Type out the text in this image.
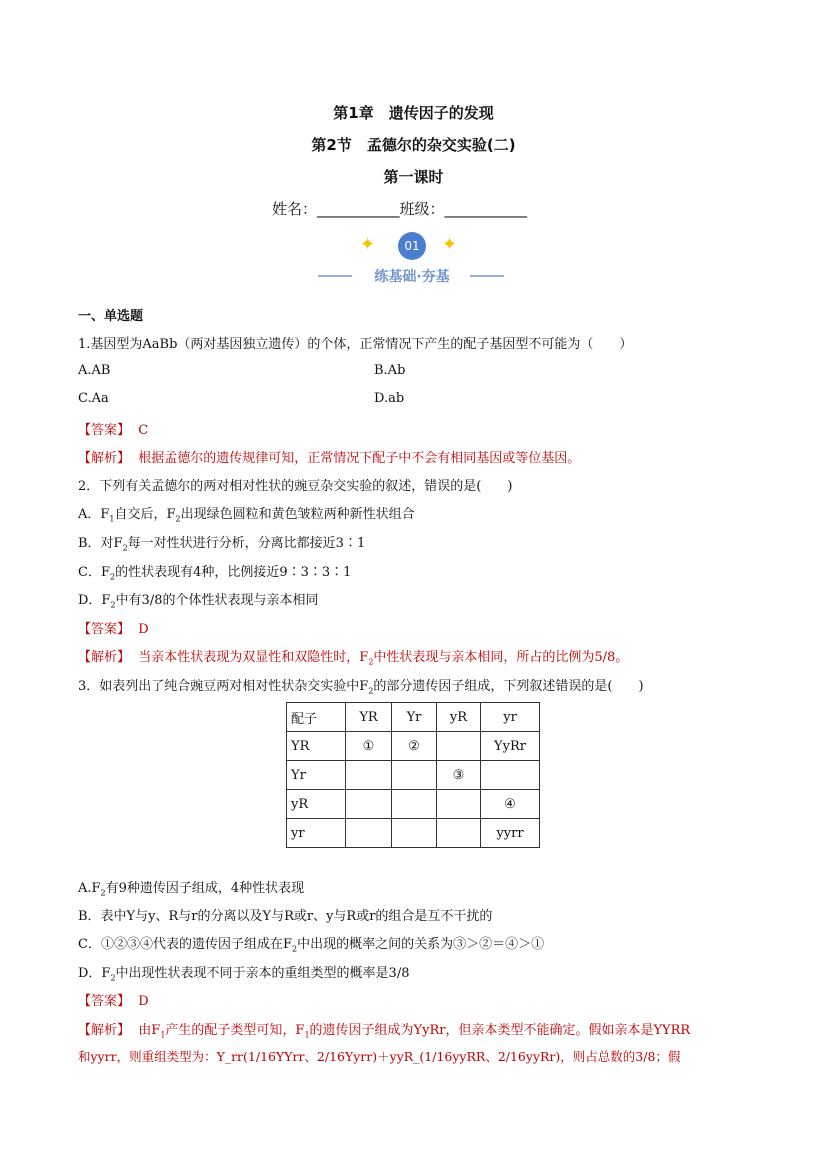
第1章　遗传因子的发现
第2节　孟德尔的杂交实验(二)
第一课时
姓名：___________班级：___________
✦	✦
01
练基础·夯基
一、单选题
1.基因型为AaBb（两对基因独立遗传）的个体，正常情况下产生的配子基因型不可能为（　　）
A.AB	B.Ab
C.Aa	D.ab
【答案】 C
【解析】 根据孟德尔的遗传规律可知，正常情况下配子中不会有相同基因或等位基因。
2．下列有关孟德尔的两对相对性状的豌豆杂交实验的叙述，错误的是(　　)
A．$F_1$自交后，$F_2$出现绿色圆粒和黄色皱粒两种新性状组合
B．对$F_2$每一对性状进行分析，分离比都接近3∶1
C．$F_2$的性状表现有4种，比例接近9∶3∶3∶1
D．$F_2$中有3/8的个体性状表现与亲本相同
【答案】 D
【解析】 当亲本性状表现为双显性和双隐性时，$F_2$中性状表现与亲本相同，所占的比例为5/8。
3．如表列出了纯合豌豆两对相对性状杂交实验中$F_2$的部分遗传因子组成，下列叙述错误的是(　　)
配子	YR	Yr	yR	yr
YR	①	②		YyRr
Yr			③	
yR				④
yr				yyrr
$A.F_2$有9种遗传因子组成，4种性状表现
B．表中Y与y、R与r的分离以及Y与R或r、y与R或r的组合是互不干扰的
C．①②③④代表的遗传因子组成在$F_2$中出现的概率之间的关系为③＞②＝④＞①
D．$F_2$中出现性状表现不同于亲本的重组类型的概率是3/8
【答案】 D
【解析】 由$F_1$产生的配子类型可知，$F_1$的遗传因子组成为YyRr，但亲本类型不能确定。假如亲本是YYRR
和yyrr，则重组类型为：Y_rr(1/16YYrr、2/16Yyrr)＋yyR_(1/16yyRR、2/16yyRr)，则占总数的3/8；假
